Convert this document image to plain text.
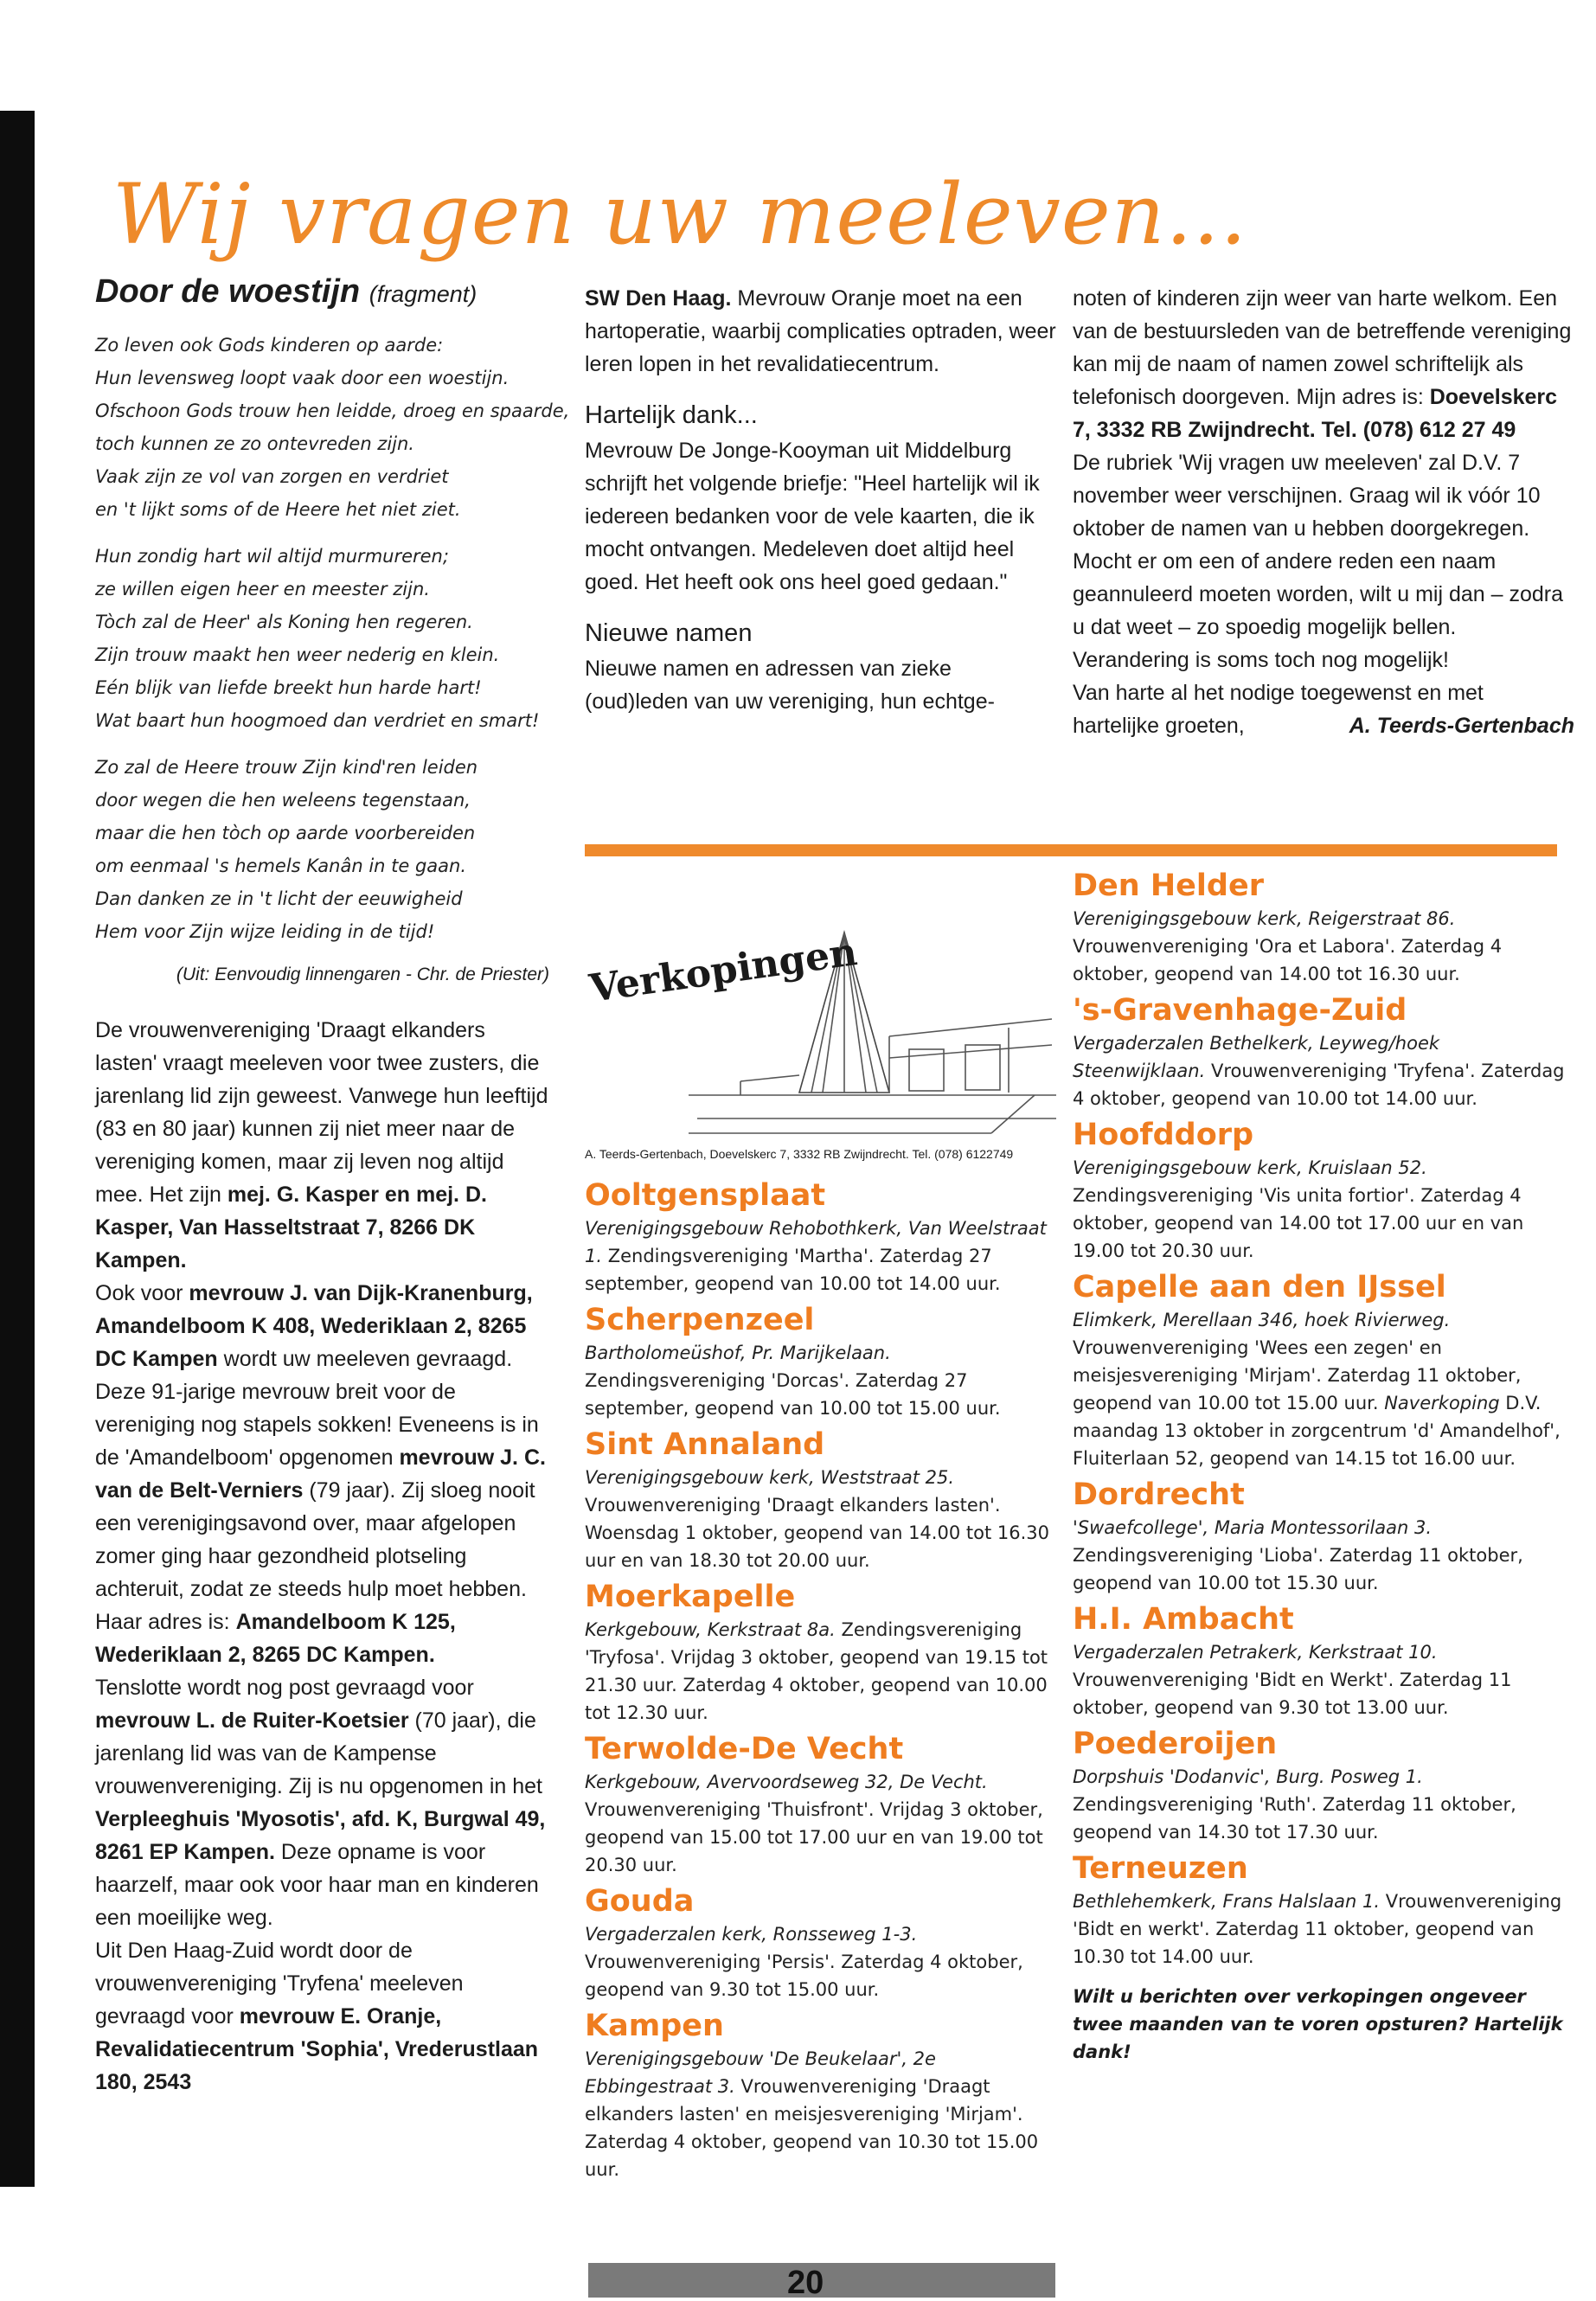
Wij vragen uw meeleven...
Door de woestijn (fragment)
Zo leven ook Gods kinderen op aarde:
Hun levensweg loopt vaak door een woestijn.
Ofschoon Gods trouw hen leidde, droeg en spaarde,
toch kunnen ze zo ontevreden zijn.
Vaak zijn ze vol van zorgen en verdriet
en 't lijkt soms of de Heere het niet ziet.
Hun zondig hart wil altijd murmureren;
ze willen eigen heer en meester zijn.
Tòch zal de Heer' als Koning hen regeren.
Zijn trouw maakt hen weer nederig en klein.
Eén blijk van liefde breekt hun harde hart!
Wat baart hun hoogmoed dan verdriet en smart!
Zo zal de Heere trouw Zijn kind'ren leiden
door wegen die hen weleens tegenstaan,
maar die hen tòch op aarde voorbereiden
om eenmaal 's hemels Kanân in te gaan.
Dan danken ze in 't licht der eeuwigheid
Hem voor Zijn wijze leiding in de tijd!
(Uit: Eenvoudig linnengaren - Chr. de Priester)

De vrouwenvereniging 'Draagt elkanders lasten' vraagt meeleven voor twee zusters, die jarenlang lid zijn geweest. Vanwege hun leeftijd (83 en 80 jaar) kunnen zij niet meer naar de vereniging komen, maar zij leven nog altijd mee. Het zijn mej. G. Kasper en mej. D. Kasper, Van Hasseltstraat 7, 8266 DK Kampen.

Ook voor mevrouw J. van Dijk-Kranenburg, Amandelboom K 408, Wederiklaan 2, 8265 DC Kampen wordt uw meeleven gevraagd. Deze 91-jarige mevrouw breit voor de vereniging nog stapels sokken! Eveneens is in de 'Amandelboom' opgenomen mevrouw J. C. van de Belt-Verniers (79 jaar). Zij sloeg nooit een verenigingsavond over, maar afgelopen zomer ging haar gezondheid plotseling achteruit, zodat ze steeds hulp moet hebben. Haar adres is: Amandelboom K 125, Wederiklaan 2, 8265 DC Kampen.

Tenslotte wordt nog post gevraagd voor mevrouw L. de Ruiter-Koetsier (70 jaar), die jarenlang lid was van de Kampense vrouwenvereniging. Zij is nu opgenomen in het Verpleeghuis 'Myosotis', afd. K, Burgwal 49, 8261 EP Kampen. Deze opname is voor haarzelf, maar ook voor haar man en kinderen een moeilijke weg.

Uit Den Haag-Zuid wordt door de vrouwenvereniging 'Tryfena' meeleven gevraagd voor mevrouw E. Oranje, Revalidatiecentrum 'Sophia', Vrederustlaan 180, 2543

SW Den Haag. Mevrouw Oranje moet na een hartoperatie, waarbij complicaties optraden, weer leren lopen in het revalidatiecentrum.

Hartelijk dank...

Mevrouw De Jonge-Kooyman uit Middelburg schrijft het volgende briefje: "Heel hartelijk wil ik iedereen bedanken voor de vele kaarten, die ik mocht ontvangen. Medeleven doet altijd heel goed. Het heeft ook ons heel goed gedaan."

Nieuwe namen

Nieuwe namen en adressen van zieke (oud)leden van uw vereniging, hun echtge-

noten of kinderen zijn weer van harte welkom. Een van de bestuursleden van de betreffende vereniging kan mij de naam of namen zowel schriftelijk als telefonisch doorgeven. Mijn adres is: Doevelskerc 7, 3332 RB Zwijndrecht. Tel. (078) 612 27 49

De rubriek 'Wij vragen uw meeleven' zal D.V. 7 november weer verschijnen. Graag wil ik vóór 10 oktober de namen van u hebben doorgekregen. Mocht er om een of andere reden een naam geannuleerd moeten worden, wilt u mij dan – zodra u dat weet – zo spoedig mogelijk bellen. Verandering is soms toch nog mogelijk!

Van harte al het nodige toegewenst en met hartelijke groeten,	A. Teerds-Gertenbach

Verkopingen
A. Teerds-Gertenbach, Doevelskerc 7, 3332 RB Zwijndrecht. Tel. (078) 6122749
Ooltgensplaat
Verenigingsgebouw Rehobothkerk, Van Weelstraat 1. Zendingsvereniging 'Martha'. Zaterdag 27 september, geopend van 10.00 tot 14.00 uur.
Scherpenzeel
Bartholomeüshof, Pr. Marijkelaan. Zendingsvereniging 'Dorcas'. Zaterdag 27 september, geopend van 10.00 tot 15.00 uur.
Sint Annaland
Verenigingsgebouw kerk, Weststraat 25. Vrouwenvereniging 'Draagt elkanders lasten'. Woensdag 1 oktober, geopend van 14.00 tot 16.30 uur en van 18.30 tot 20.00 uur.
Moerkapelle
Kerkgebouw, Kerkstraat 8a. Zendingsvereniging 'Tryfosa'. Vrijdag 3 oktober, geopend van 19.15 tot 21.30 uur. Zaterdag 4 oktober, geopend van 10.00 tot 12.30 uur.
Terwolde-De Vecht
Kerkgebouw, Avervoordseweg 32, De Vecht. Vrouwenvereniging 'Thuisfront'. Vrijdag 3 oktober, geopend van 15.00 tot 17.00 uur en van 19.00 tot 20.30 uur.
Gouda
Vergaderzalen kerk, Ronsseweg 1-3. Vrouwenvereniging 'Persis'. Zaterdag 4 oktober, geopend van 9.30 tot 15.00 uur.
Kampen
Verenigingsgebouw 'De Beukelaar', 2e Ebbingestraat 3. Vrouwenvereniging 'Draagt elkanders lasten' en meisjesvereniging 'Mirjam'. Zaterdag 4 oktober, geopend van 10.30 tot 15.00 uur.
Den Helder
Verenigingsgebouw kerk, Reigerstraat 86. Vrouwenvereniging 'Ora et Labora'. Zaterdag 4 oktober, geopend van 14.00 tot 16.30 uur.
's-Gravenhage-Zuid
Vergaderzalen Bethelkerk, Leyweg/hoek Steenwijklaan. Vrouwenvereniging 'Tryfena'. Zaterdag 4 oktober, geopend van 10.00 tot 14.00 uur.
Hoofddorp
Verenigingsgebouw kerk, Kruislaan 52. Zendingsvereniging 'Vis unita fortior'. Zaterdag 4 oktober, geopend van 14.00 tot 17.00 uur en van 19.00 tot 20.30 uur.
Capelle aan den IJssel
Elimkerk, Merellaan 346, hoek Rivierweg. Vrouwenvereniging 'Wees een zegen' en meisjesvereniging 'Mirjam'. Zaterdag 11 oktober, geopend van 10.00 tot 15.00 uur. Naverkoping D.V. maandag 13 oktober in zorgcentrum 'd' Amandelhof', Fluiterlaan 52, geopend van 14.15 tot 16.00 uur.
Dordrecht
'Swaefcollege', Maria Montessorilaan 3. Zendingsvereniging 'Lioba'. Zaterdag 11 oktober, geopend van 10.00 tot 15.30 uur.
H.I. Ambacht
Vergaderzalen Petrakerk, Kerkstraat 10. Vrouwenvereniging 'Bidt en Werkt'. Zaterdag 11 oktober, geopend van 9.30 tot 13.00 uur.
Poederoijen
Dorpshuis 'Dodanvic', Burg. Posweg 1. Zendingsvereniging 'Ruth'. Zaterdag 11 oktober, geopend van 14.30 tot 17.30 uur.
Terneuzen
Bethlehemkerk, Frans Halslaan 1. Vrouwenvereniging 'Bidt en werkt'. Zaterdag 11 oktober, geopend van 10.30 tot 14.00 uur.
Wilt u berichten over verkopingen ongeveer twee maanden van te voren opsturen? Hartelijk dank!
20
